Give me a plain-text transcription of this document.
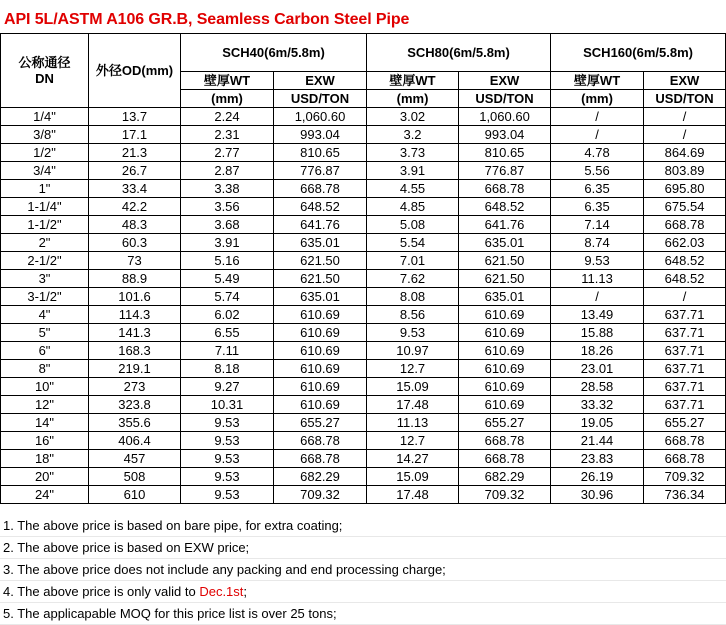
API 5L/ASTM A106 GR.B, Seamless Carbon Steel Pipe
公称通径
DN	外径OD(mm)	SCH40(6m/5.8m)		SCH80(6m/5.8m)		SCH160(6m/5.8m)	
		壁厚WT	EXW	壁厚WT	EXW	壁厚WT	EXW
		(mm)	USD/TON	(mm)	USD/TON	(mm)	USD/TON
1/4"	13.7	2.24	1,060.60	3.02	1,060.60	/	/
3/8"	17.1	2.31	993.04	3.2	993.04	/	/
1/2"	21.3	2.77	810.65	3.73	810.65	4.78	864.69
3/4"	26.7	2.87	776.87	3.91	776.87	5.56	803.89
1"	33.4	3.38	668.78	4.55	668.78	6.35	695.80
1-1/4"	42.2	3.56	648.52	4.85	648.52	6.35	675.54
1-1/2"	48.3	3.68	641.76	5.08	641.76	7.14	668.78
2"	60.3	3.91	635.01	5.54	635.01	8.74	662.03
2-1/2"	73	5.16	621.50	7.01	621.50	9.53	648.52
3"	88.9	5.49	621.50	7.62	621.50	11.13	648.52
3-1/2"	101.6	5.74	635.01	8.08	635.01	/	/
4"	114.3	6.02	610.69	8.56	610.69	13.49	637.71
5"	141.3	6.55	610.69	9.53	610.69	15.88	637.71
6"	168.3	7.11	610.69	10.97	610.69	18.26	637.71
8"	219.1	8.18	610.69	12.7	610.69	23.01	637.71
10"	273	9.27	610.69	15.09	610.69	28.58	637.71
12"	323.8	10.31	610.69	17.48	610.69	33.32	637.71
14"	355.6	9.53	655.27	11.13	655.27	19.05	655.27
16"	406.4	9.53	668.78	12.7	668.78	21.44	668.78
18"	457	9.53	668.78	14.27	668.78	23.83	668.78
20"	508	9.53	682.29	15.09	682.29	26.19	709.32
24"	610	9.53	709.32	17.48	709.32	30.96	736.34
1. The above price is based on bare pipe, for extra coating;
2. The above price is based on EXW price;
3. The above price does not include any packing and end processing charge;
4. The above price is only valid to Dec.1st;
5. The applicapable MOQ for this price list is over 25 tons;
